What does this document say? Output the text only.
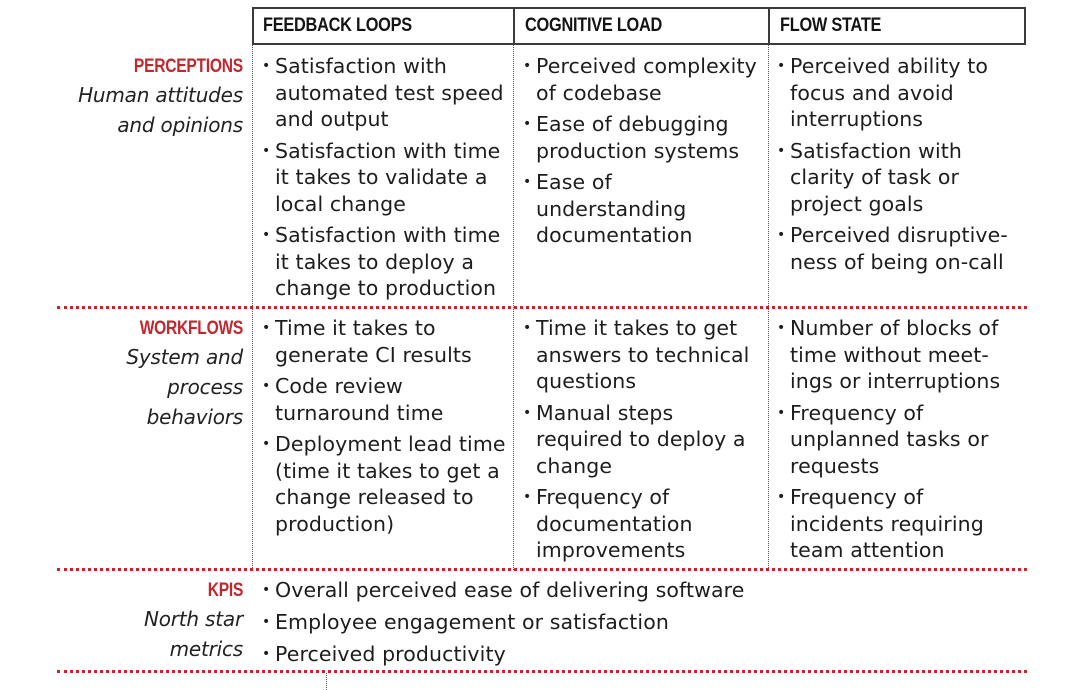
FEEDBACK LOOPS	COGNITIVE LOAD	FLOW STATE
PERCEPTIONS
Human attitudes
and opinions
• Satisfaction with automated test speed and output
• Satisfaction with time it takes to validate a local change
• Satisfaction with time it takes to deploy a change to production
• Perceived complexity of codebase
• Ease of debugging production systems
• Ease of understanding documentation
• Perceived ability to focus and avoid interruptions
• Satisfaction with clarity of task or project goals
• Perceived disruptive-ness of being on-call
WORKFLOWS
System and
process
behaviors
• Time it takes to generate CI results
• Code review turnaround time
• Deployment lead time (time it takes to get a change released to production)
• Time it takes to get answers to technical questions
• Manual steps required to deploy a change
• Frequency of documentation improvements
• Number of blocks of time without meet-ings or interruptions
• Frequency of unplanned tasks or requests
• Frequency of incidents requiring team attention
KPIS
North star
metrics
• Overall perceived ease of delivering software
• Employee engagement or satisfaction
• Perceived productivity
